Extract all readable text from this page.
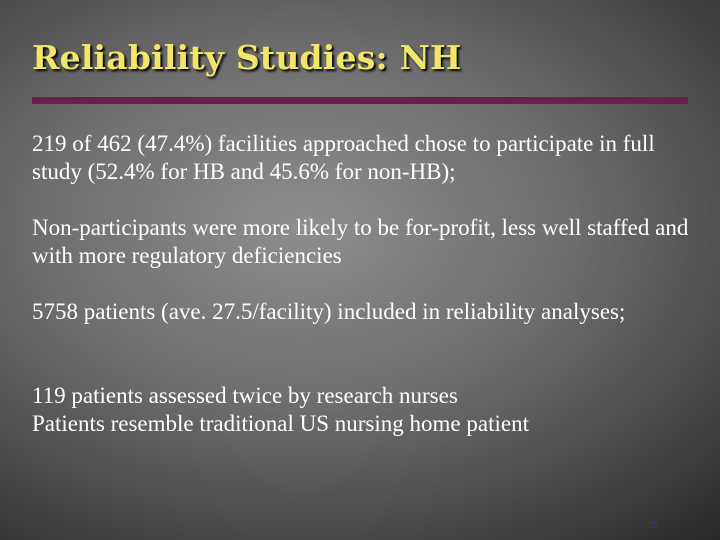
Reliability Studies: NH

219 of 462 (47.4%) facilities approached chose to participate in full study (52.4% for HB and 45.6% for non-HB);

Non-participants were more likely to be for-profit, less well staffed and with more regulatory deficiencies

5758 patients (ave. 27.5/facility) included in reliability analyses;

119 patients assessed twice by research nurses
Patients resemble traditional US nursing home patient

25
